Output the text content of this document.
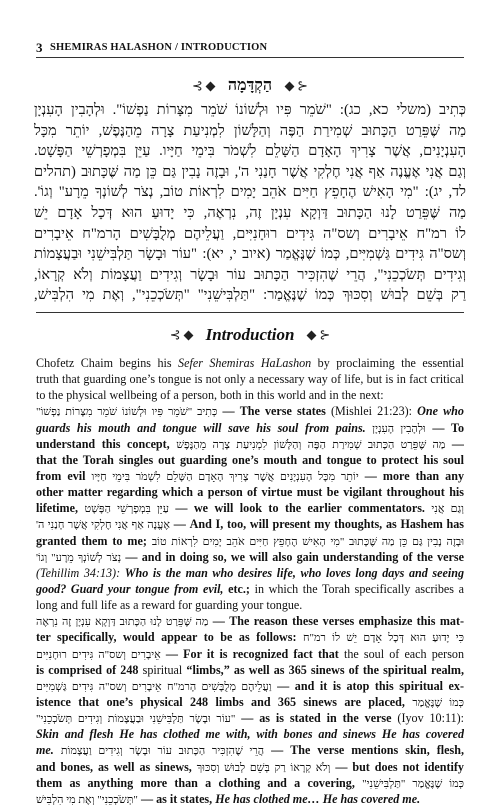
3 SHEMIRAS HALASHON / INTRODUCTION
⊰ הַקְדָּמָה ⊱
כְּתִיב (משלי כא, כג): "שֹׁמֵר פִּיו וּלְשׁוֹנוֹ שֹׁמֵר מִצָּרוֹת נַפְשׁוֹ". וּלְהָבִין הָעִנְיָן
מַה שֶּׁפֵּרַט הַכָּתוּב שְׁמִירַת הַפֶּה וְהַלָּשׁוֹן לִמְנִיעַת צָרָה מֵהַנֶּפֶשׁ, יוֹתֵר מִכָּל
הָעִנְיָנִים, אֲשֶׁר צָרִיךְ הָאָדָם הַשָּׁלֵם לִשְׁמֹר בִּימֵי חַיָּיו. עַיֵּן בִּמְפָרְשֵׁי הַפָּשָׁט.
וְגַם אֲנִי אֶעֱנֶה אַף אֲנִי חֶלְקִי אֲשֶׁר חָנַנִי ה', וּבָזֶה נָבִין גַּם כֵּן מַה שֶּׁכָּתוּב (תהלים
לד, יג): "מִי הָאִישׁ הֶחָפֵץ חַיִּים אֹהֵב יָמִים לִרְאוֹת טוֹב, נְצֹר לְשׁוֹנְךָ מֵרָע" וְגוֹ'.
מַה שֶּׁפֵּרַט לָנוּ הַכָּתוּב דַּוְקָא עִנְיָן זֶה, נִרְאֶה, כִּי יָדוּעַ הוּא דְּכָל אָדָם יֵשׁ
לוֹ רמ"ח אֵיבָרִים וְשס"ה גִּידִים רוּחָנִיִּים, וַעֲלֵיהֶם מְלֻבָּשִׁים הָרמ"ח אֵיבָרִים
וְשס"ה גִּידִים גַּשְׁמִיִּים, כְּמוֹ שֶׁנֶּאֱמַר (איוב י, יא): "עוֹר וּבָשָׂר תַּלְבִּישֵׁנִי וּבַעֲצָמוֹת
וְגִידִים תְּשֹׂכְכֵנִי", הֲרֵי שֶׁהִזְכִּיר הַכָּתוּב עוֹר וּבָשָׂר וְגִידִים וַעֲצָמוֹת וְלֹא קְרָאוֹ,
רַק בְּשֵׁם לְבוּשׁ וְסִכּוּךְ כְּמוֹ שֶׁנֶּאֱמַר: "תַּלְבִּישֵׁנִי" "תְּשֹׂכְכֵנִי", וְאֶת מִי הִלְבִּישׁ,
⊰ Introduction ⊱
Chofetz Chaim begins his Sefer Shemiras HaLashon by proclaiming the essential
truth that guarding one’s tongue is not only a necessary way of life, but is in fact critical
to the physical wellbeing of a person, both in this world and in the next:
כְּתִיב "שֹׁמֵר פִּיו וּלְשׁוֹנוֹ שֹׁמֵר מִצָּרוֹת נַפְשׁוֹ" — The verse states (Mishlei 21:23): One who
guards his mouth and tongue will save his soul from pains. וּלְהָבִין הָעִנְיָן — To
understand this concept, מַה שֶּׁפֵּרַט הַכָּתוּב שְׁמִירַת הַפֶּה וְהַלָּשׁוֹן לִמְנִיעַת צָרָה מֵהַנֶּפֶשׁ —
that the Torah singles out guarding one’s mouth and tongue to protect his soul
from evil יוֹתֵר מִכָּל הָעִנְיָנִים אֲשֶׁר צָרִיךְ הָאָדָם הַשָּׁלֵם לִשְׁמֹר בִּימֵי חַיָּיו — more than any
other matter regarding which a person of virtue must be vigilant throughout his
lifetime, עַיֵּן בִּמְפָרְשֵׁי הַפָּשָׁט — we will look to the earlier commentators. וְגַם אֲנִי
אֶעֱנֶה אַף אֲנִי חֶלְקִי אֲשֶׁר חָנַנִי ה' — And I, too, will present my thoughts, as Hashem has
granted them to me; וּבָזֶה נָבִין גַּם כֵּן מַה שֶּׁכָּתוּב "מִי הָאִישׁ הֶחָפֵץ חַיִּים אֹהֵב יָמִים לִרְאוֹת טוֹב
נְצֹר לְשׁוֹנְךָ מֵרָע" וְגוֹ' — and in doing so, we will also gain understanding of the verse
(Tehillim 34:13): Who is the man who desires life, who loves long days and seeing
good? Guard your tongue from evil, etc.; in which the Torah specifically ascribes a
long and full life as a reward for guarding your tongue.
מַה שֶּׁפֵּרַט לָנוּ הַכָּתוּב דַּוְקָא עִנְיָן זֶה נִרְאֶה — The reason these verses emphasize this mat-
ter specifically, would appear to be as follows: כִּי יָדוּעַ הוּא דְּכָל אָדָם יֵשׁ לוֹ רמ"ח
אֵיבָרִים וְשס"ה גִּידִים רוּחָנִיִּים — For it is recognized fact that the soul of each person
is comprised of 248 spiritual “limbs,” as well as 365 sinews of the spiritual realm,
וַעֲלֵיהֶם מְלֻבָּשִׁים הָרמ"ח אֵיבָרִים וְשס"ה גִּידִים גַּשְׁמִיִּים — and it is atop this spiritual ex-
istence that one’s physical 248 limbs and 365 sinews are placed, כְּמוֹ שֶׁנֶּאֱמַר
"עוֹר וּבָשָׂר תַּלְבִּישֵׁנִי וּבַעֲצָמוֹת וְגִידִים תְּשֹׂכְכֵנִי" — as is stated in the verse (Iyov 10:11):
Skin and flesh He has clothed me with, with bones and sinews He has covered
me. הֲרֵי שֶׁהִזְכִּיר הַכָּתוּב עוֹר וּבָשָׂר וְגִידִים וַעֲצָמוֹת — The verse mentions skin, flesh,
and bones, as well as sinews, וְלֹא קְרָאוֹ רַק בְּשֵׁם לְבוּשׁ וְסִכּוּךְ — but does not identify
them as anything more than a clothing and a covering, כְּמוֹ שֶׁנֶּאֱמַר "תַּלְבִּישֵׁנִי"
"תְּשֹׂכְכֵנִי" וְאֶת מִי הִלְבִּישׁ — as it states, He has clothed me… He has covered me.
